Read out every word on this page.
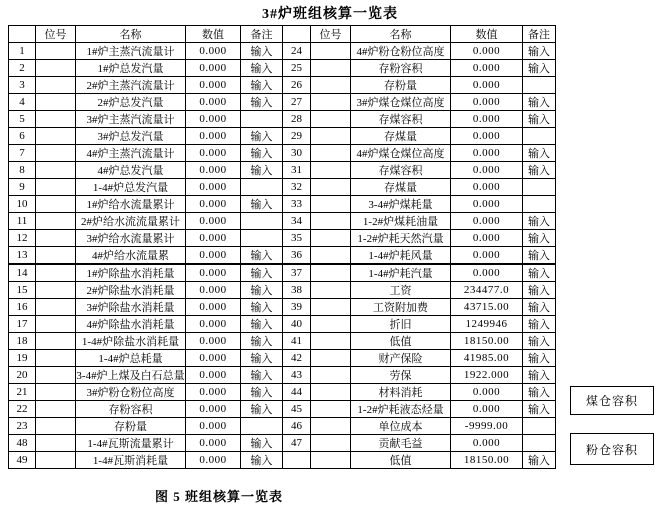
3#炉班组核算一览表
	位号	名称	数值	备注		位号	名称	数值	备注
1		1#炉主蒸汽流量计	0.000	输入	24		4#炉粉仓粉位高度	0.000	输入
2		1#炉总发汽量	0.000	输入	25		存粉容积	0.000	输入
3		2#炉主蒸汽流量计	0.000	输入	26		存粉量	0.000	
4		2#炉总发汽量	0.000	输入	27		3#炉煤仓煤位高度	0.000	输入
5		3#炉主蒸汽流量计	0.000		28		存煤容积	0.000	输入
6		3#炉总发汽量	0.000	输入	29		存煤量	0.000	
7		4#炉主蒸汽流量计	0.000	输入	30		4#炉煤仓煤位高度	0.000	输入
8		4#炉总发汽量	0.000	输入	31		存煤容积	0.000	输入
9		1-4#炉总发汽量	0.000		32		存煤量	0.000	
10		1#炉给水流量累计	0.000	输入	33		3-4#炉煤耗量	0.000	
11		2#炉给水流流量累计	0.000		34		1-2#炉煤耗油量	0.000	输入
12		3#炉给水流量累计	0.000		35		1-2#炉耗天然汽量	0.000	输入
13		4#炉给水流量累	0.000	输入	36		1-4#炉耗风量	0.000	输入
14		1#炉除盐水消耗量	0.000	输入	37		1-4#炉耗汽量	0.000	输入
15		2#炉除盐水消耗量	0.000	输入	38		工资	234477.0	输入
16		3#炉除盐水消耗量	0.000	输入	39		工资附加费	43715.00	输入
17		4#炉除盐水消耗量	0.000	输入	40		折旧	1249946	输入
18		1-4#炉除盐水消耗量	0.000	输入	41		低值	18150.00	输入
19		1-4#炉总耗量	0.000	输入	42		财产保险	41985.00	输入
20		3-4#炉上煤及白石总量	0.000	输入	43		劳保	1922.000	输入
21		3#炉粉仓粉位高度	0.000	输入	44		材料消耗	0.000	输入
22		存粉容积	0.000	输入	45		1-2#炉耗液态烃量	0.000	输入
23		存粉量	0.000		46		单位成本	-9999.00	
48		1-4#瓦斯流量累计	0.000	输入	47		贡献毛益	0.000	
49		1-4#瓦斯消耗量	0.000	输入			低值	18150.00	输入
煤仓容积
粉仓容积
图 5 班组核算一览表
